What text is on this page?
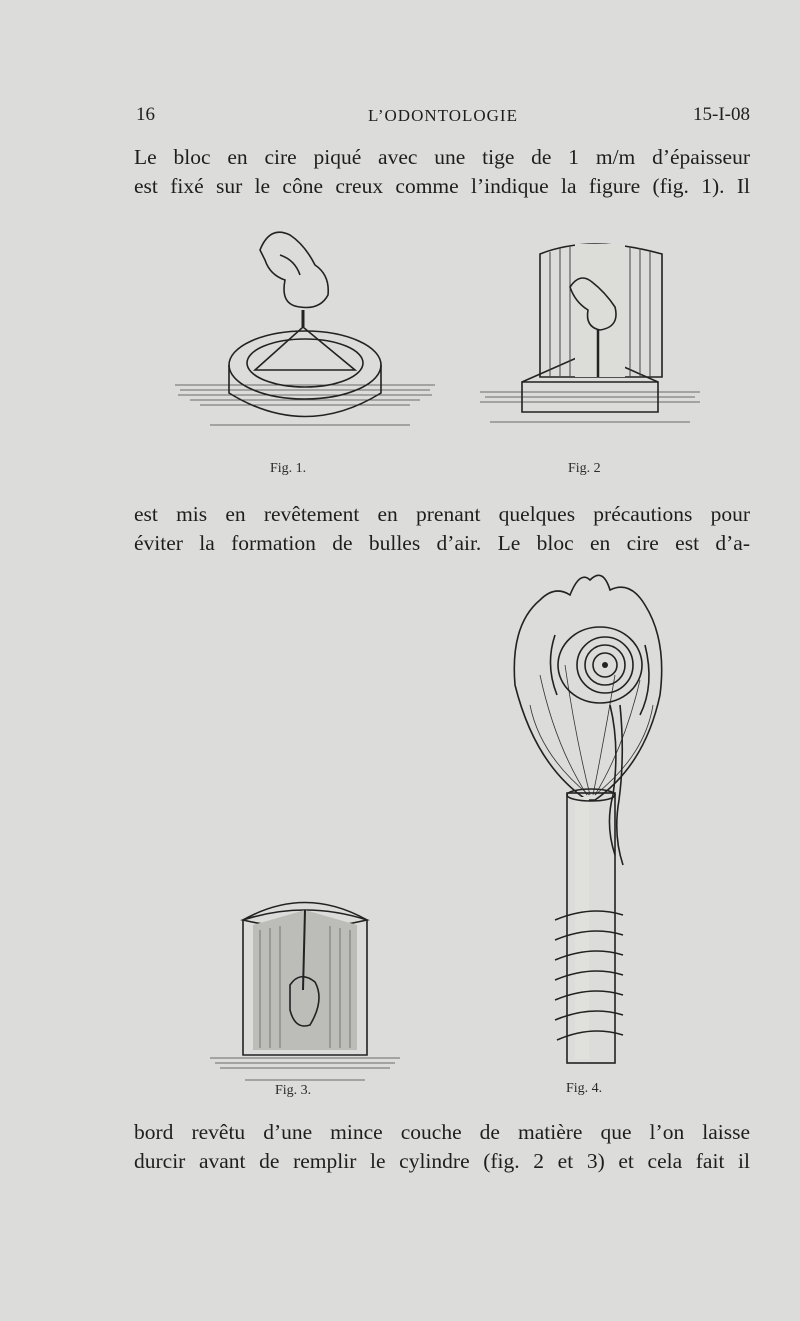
16	L’ODONTOLOGIE	15-I-08
Le bloc en cire piqué avec une tige de 1 m/m d’épaisseur
est fixé sur le cône creux comme l’indique la figure (fig. 1). Il
Fig. 1.	Fig. 2
est mis en revêtement en prenant quelques précautions pour
éviter la formation de bulles d’air. Le bloc en cire est d’a-
Fig. 4.
Fig. 3.
bord revêtu d’une mince couche de matière que l’on laisse
durcir avant de remplir le cylindre (fig. 2 et 3) et cela fait il
